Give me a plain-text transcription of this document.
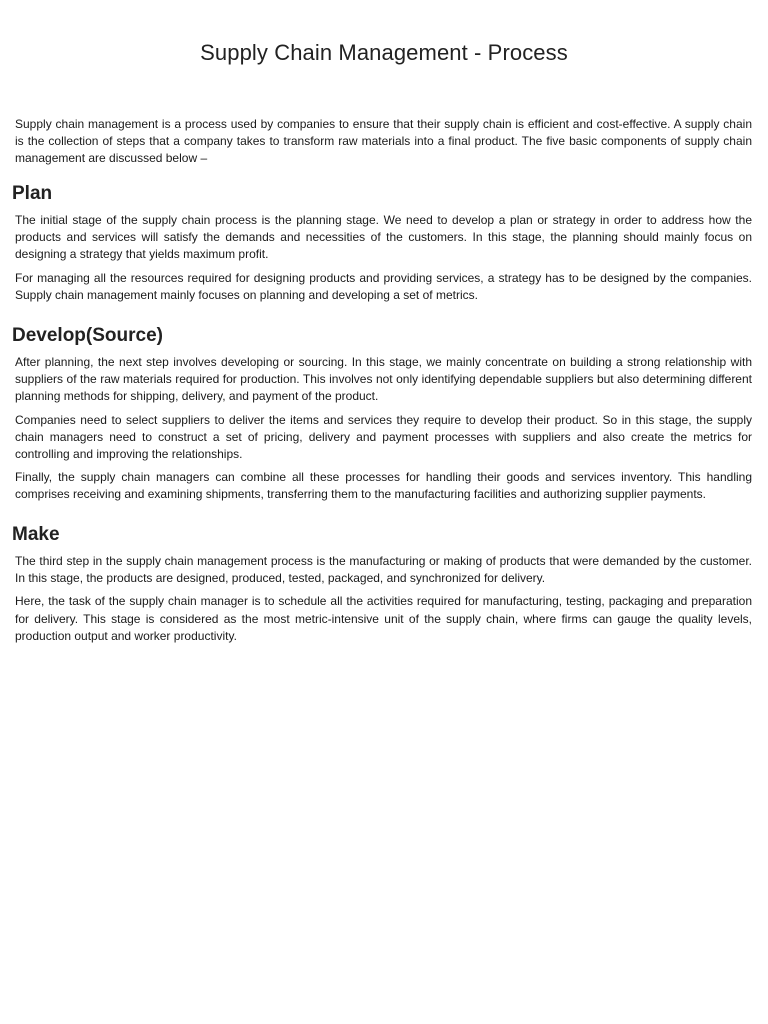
Supply Chain Management - Process

Supply chain management is a process used by companies to ensure that their supply chain is efficient and cost-effective. A supply chain is the collection of steps that a company takes to transform raw materials into a final product. The five basic components of supply chain management are discussed below –

Plan

The initial stage of the supply chain process is the planning stage. We need to develop a plan or strategy in order to address how the products and services will satisfy the demands and necessities of the customers. In this stage, the planning should mainly focus on designing a strategy that yields maximum profit.

For managing all the resources required for designing products and providing services, a strategy has to be designed by the companies. Supply chain management mainly focuses on planning and developing a set of metrics.

Develop(Source)

After planning, the next step involves developing or sourcing. In this stage, we mainly concentrate on building a strong relationship with suppliers of the raw materials required for production. This involves not only identifying dependable suppliers but also determining different planning methods for shipping, delivery, and payment of the product.

Companies need to select suppliers to deliver the items and services they require to develop their product. So in this stage, the supply chain managers need to construct a set of pricing, delivery and payment processes with suppliers and also create the metrics for controlling and improving the relationships.

Finally, the supply chain managers can combine all these processes for handling their goods and services inventory. This handling comprises receiving and examining shipments, transferring them to the manufacturing facilities and authorizing supplier payments.

Make

The third step in the supply chain management process is the manufacturing or making of products that were demanded by the customer. In this stage, the products are designed, produced, tested, packaged, and synchronized for delivery.

Here, the task of the supply chain manager is to schedule all the activities required for manufacturing, testing, packaging and preparation for delivery. This stage is considered as the most metric-intensive unit of the supply chain, where firms can gauge the quality levels, production output and worker productivity.
